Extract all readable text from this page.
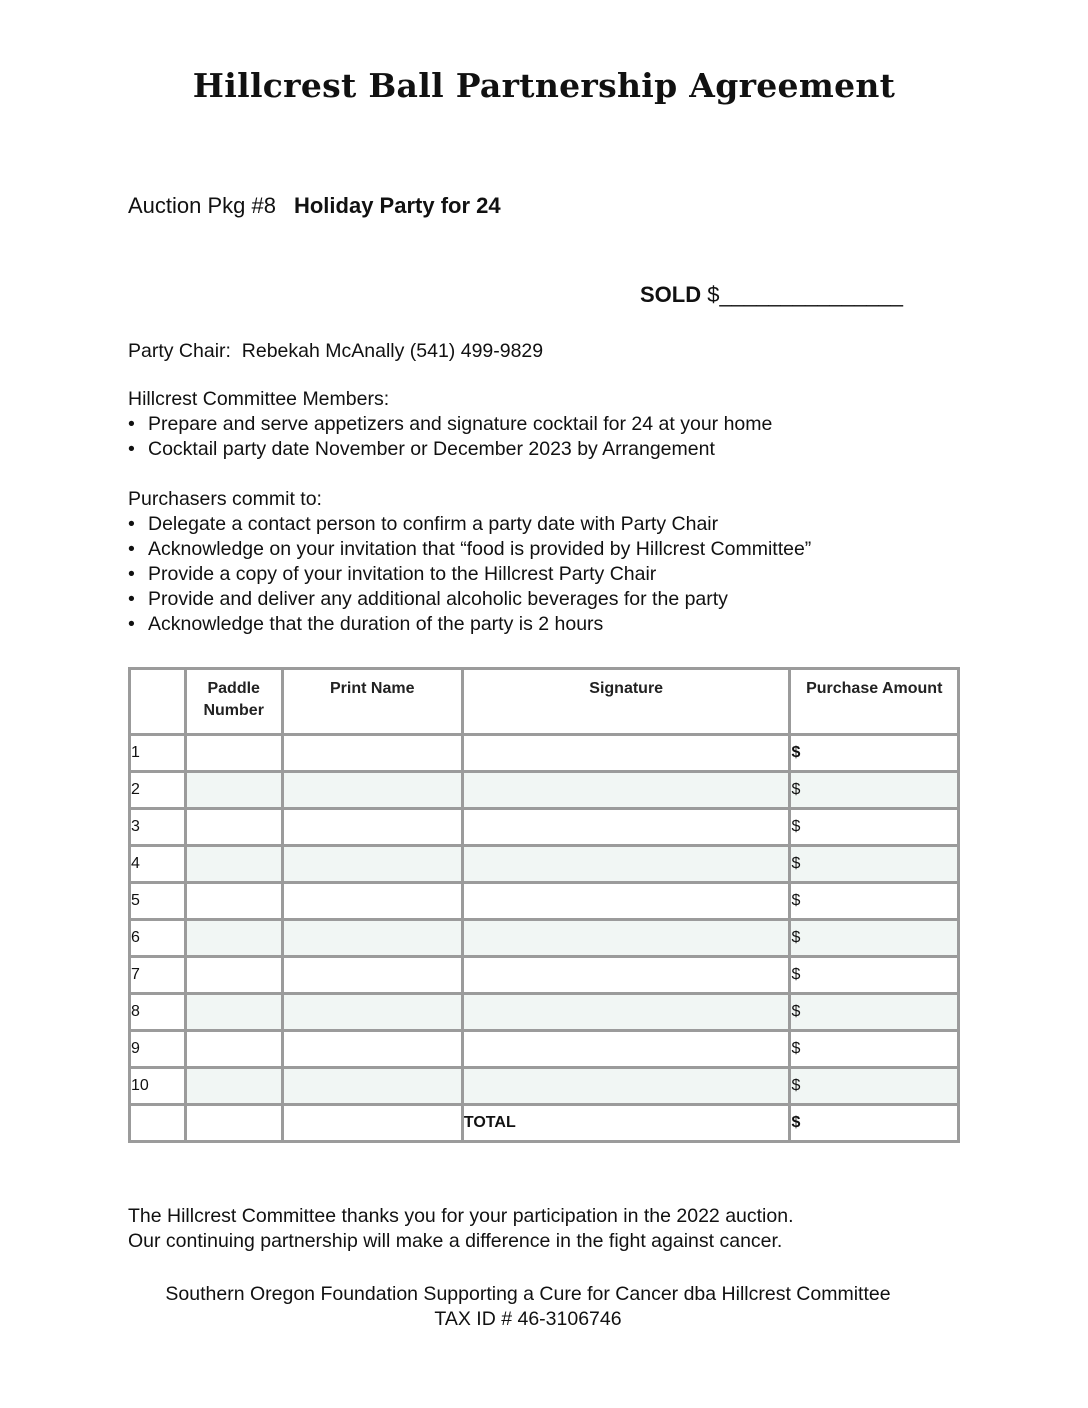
Hillcrest Ball Partnership Agreement
Auction Pkg #8 Holiday Party for 24
SOLD $_______________
Party Chair:  Rebekah McAnally (541) 499-9829
Hillcrest Committee Members:
• Prepare and serve appetizers and signature cocktail for 24 at your home
• Cocktail party date November or December 2023 by Arrangement
Purchasers commit to:
• Delegate a contact person to confirm a party date with Party Chair
• Acknowledge on your invitation that “food is provided by Hillcrest Committee”
• Provide a copy of your invitation to the Hillcrest Party Chair
• Provide and deliver any additional alcoholic beverages for the party
• Acknowledge that the duration of the party is 2 hours
	Paddle Number	Print Name	Signature	Purchase Amount
1				$
2				$
3				$
4				$
5				$
6				$
7				$
8				$
9				$
10				$
			TOTAL	$
The Hillcrest Committee thanks you for your participation in the 2022 auction.
Our continuing partnership will make a difference in the fight against cancer.
Southern Oregon Foundation Supporting a Cure for Cancer dba Hillcrest Committee
TAX ID # 46-3106746
